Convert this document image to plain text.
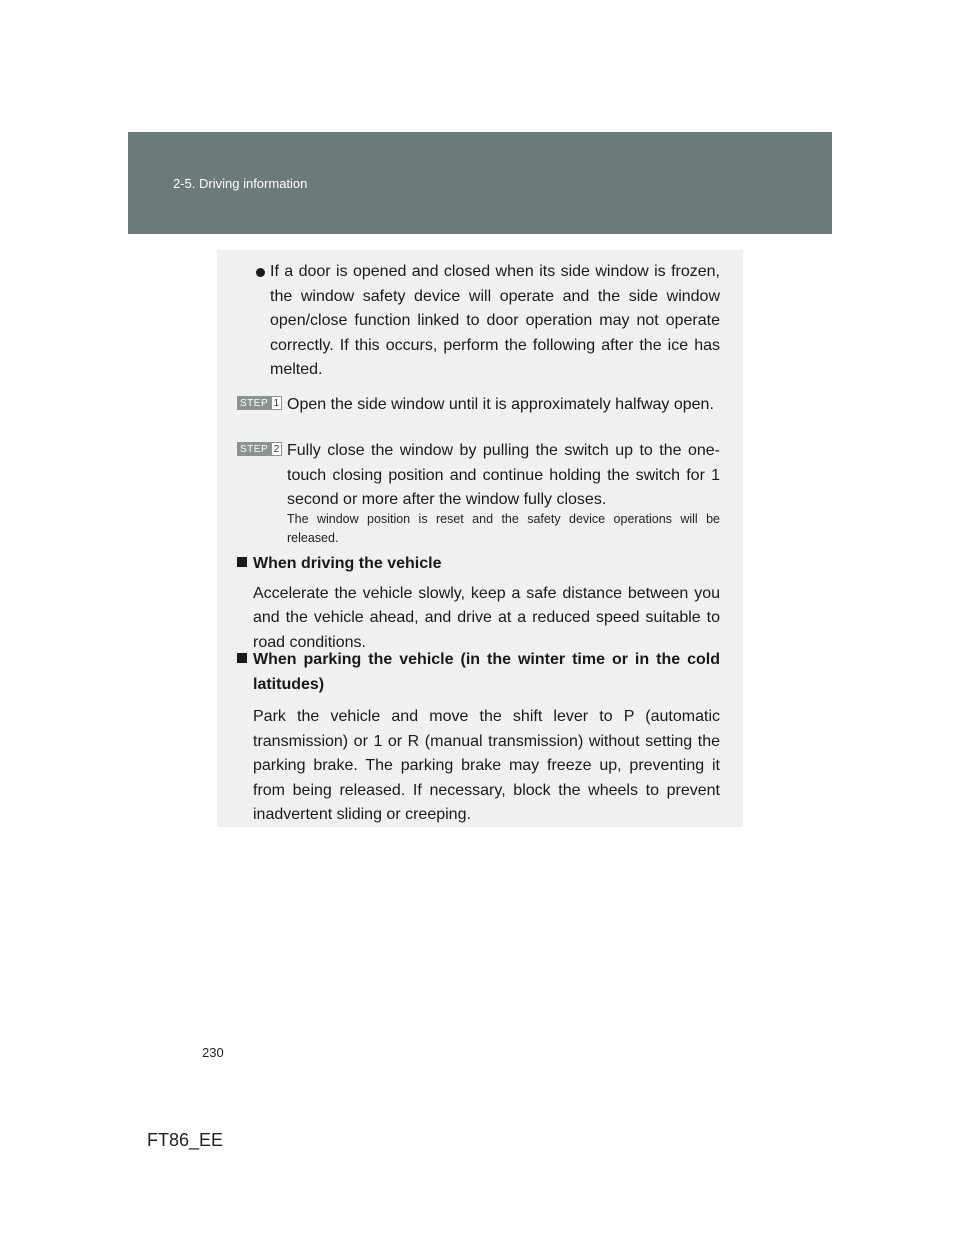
2-5. Driving information

If a door is opened and closed when its side window is frozen, the window safety device will operate and the side window open/close function linked to door operation may not operate correctly. If this occurs, perform the following after the ice has melted.

STEP 1 Open the side window until it is approximately halfway open.

STEP 2 Fully close the window by pulling the switch up to the one-touch closing position and continue holding the switch for 1 second or more after the window fully closes.

The window position is reset and the safety device operations will be released.

When driving the vehicle

Accelerate the vehicle slowly, keep a safe distance between you and the vehicle ahead, and drive at a reduced speed suitable to road conditions.

When parking the vehicle (in the winter time or in the cold latitudes)

Park the vehicle and move the shift lever to P (automatic transmission) or 1 or R (manual transmission) without setting the parking brake. The parking brake may freeze up, preventing it from being released. If necessary, block the wheels to prevent inadvertent sliding or creeping.

230
FT86_EE
